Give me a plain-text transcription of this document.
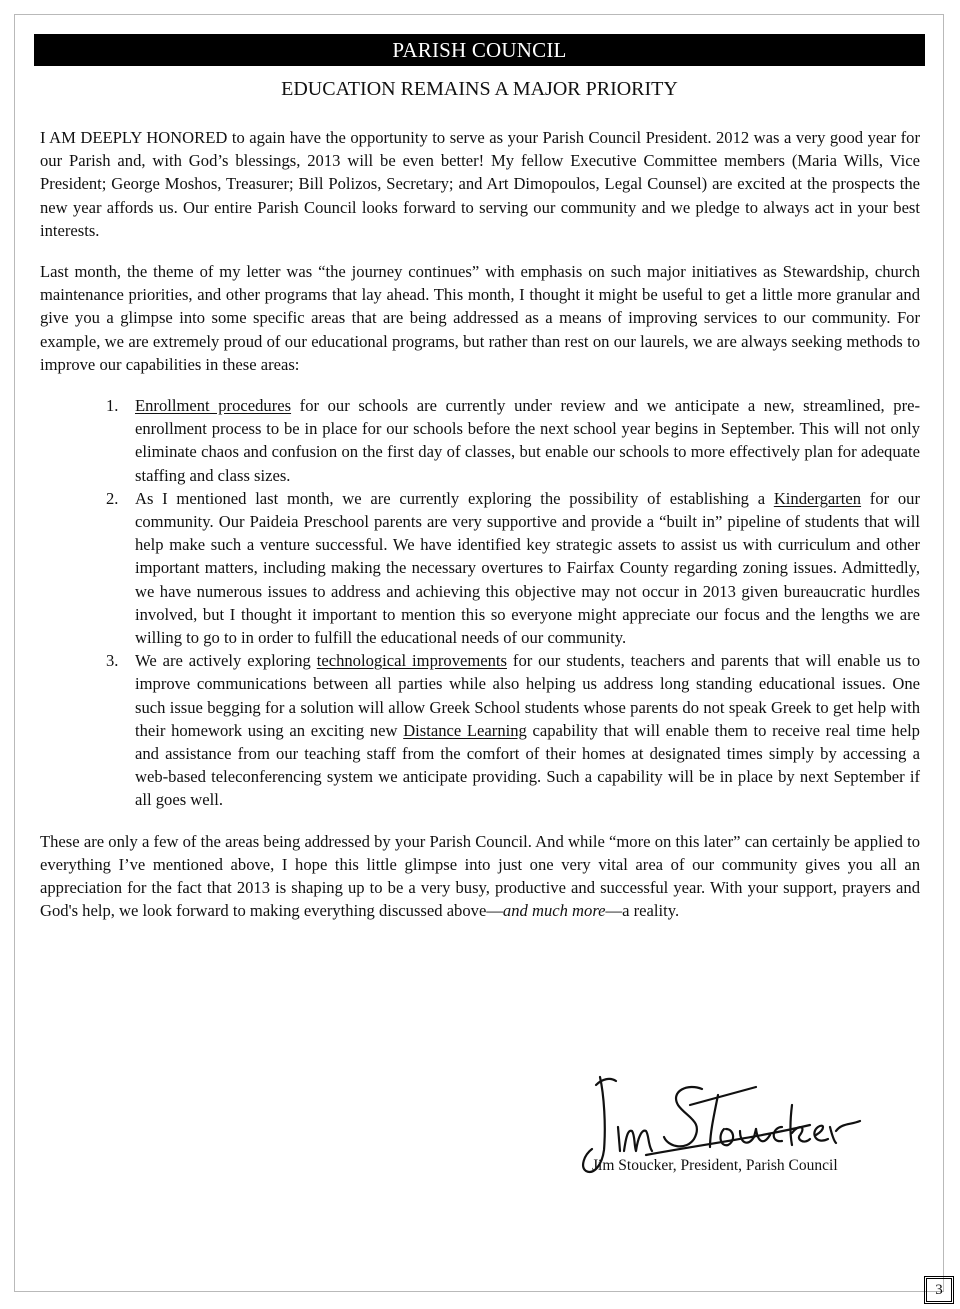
PARISH COUNCIL
EDUCATION REMAINS A MAJOR PRIORITY

I AM DEEPLY HONORED to again have the opportunity to serve as your Parish Council President. 2012 was a very good year for our Parish and, with God’s blessings, 2013 will be even better! My fellow Executive Committee members (Maria Wills, Vice President; George Moshos, Treasurer; Bill Polizos, Secretary; and Art Dimopoulos, Legal Counsel) are excited at the prospects the new year affords us. Our entire Parish Council looks forward to serving our community and we pledge to always act in your best interests.

Last month, the theme of my letter was “the journey continues” with emphasis on such major initiatives as Stewardship, church maintenance priorities, and other programs that lay ahead. This month, I thought it might be useful to get a little more granular and give you a glimpse into some specific areas that are being addressed as a means of improving services to our community. For example, we are extremely proud of our educational programs, but rather than rest on our laurels, we are always seeking methods to improve our capabilities in these areas:

1. Enrollment procedures for our schools are currently under review and we anticipate a new, streamlined, pre-enrollment process to be in place for our schools before the next school year begins in September. This will not only eliminate chaos and confusion on the first day of classes, but enable our schools to more effectively plan for adequate staffing and class sizes.
2. As I mentioned last month, we are currently exploring the possibility of establishing a Kindergarten for our community. Our Paideia Preschool parents are very supportive and provide a “built in” pipeline of students that will help make such a venture successful. We have identified key strategic assets to assist us with curriculum and other important matters, including making the necessary overtures to Fairfax County regarding zoning issues. Admittedly, we have numerous issues to address and achieving this objective may not occur in 2013 given bureaucratic hurdles involved, but I thought it important to mention this so everyone might appreciate our focus and the lengths we are willing to go to in order to fulfill the educational needs of our community.
3. We are actively exploring technological improvements for our students, teachers and parents that will enable us to improve communications between all parties while also helping us address long standing educational issues. One such issue begging for a solution will allow Greek School students whose parents do not speak Greek to get help with their homework using an exciting new Distance Learning capability that will enable them to receive real time help and assistance from our teaching staff from the comfort of their homes at designated times simply by accessing a web-based teleconferencing system we anticipate providing. Such a capability will be in place by next September if all goes well.

These are only a few of the areas being addressed by your Parish Council. And while “more on this later” can certainly be applied to everything I’ve mentioned above, I hope this little glimpse into just one very vital area of our community gives you all an appreciation for the fact that 2013 is shaping up to be a very busy, productive and successful year. With your support, prayers and God's help, we look forward to making everything discussed above—and much more—a reality.

Jim Stoucker, President, Parish Council
3
